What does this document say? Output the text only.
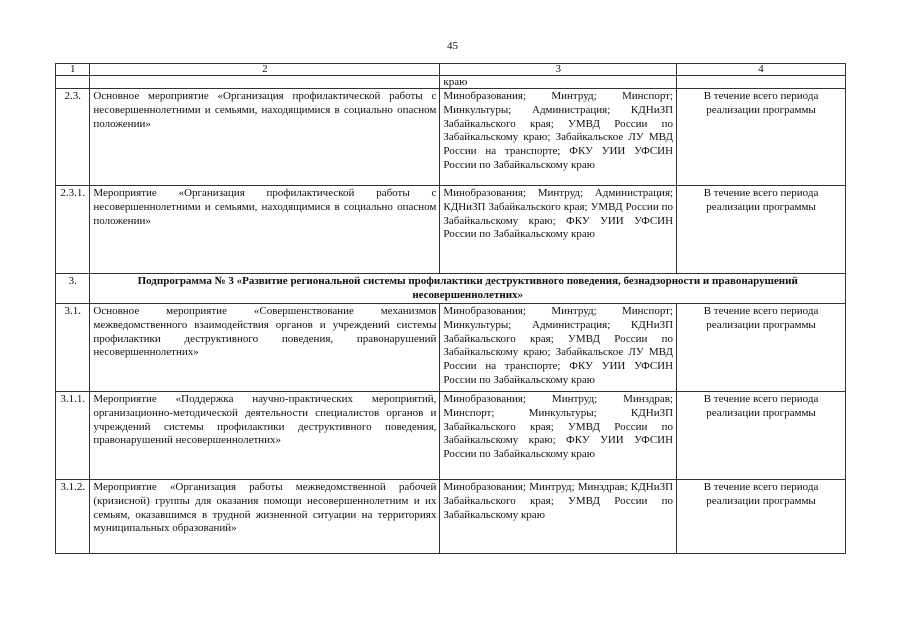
45
1	2	3	4
		краю	
2.3.	Основное мероприятие «Организация профилактической работы с несовершеннолетними и семьями, находящимися в социально опасном положении»	Минобразования; Минтруд; Минспорт; Минкультуры; Администрация; КДНиЗП Забайкальского края; УМВД России по Забайкальскому краю; Забайкальское ЛУ МВД России на транспорте; ФКУ УИИ УФСИН России по Забайкальскому краю	В течение всего периода реализации программы
2.3.1.	Мероприятие «Организация профилактической работы с несовершеннолетними и семьями, находящимися в социально опасном положении»	Минобразования; Минтруд; Администрация; КДНиЗП Забайкальского края; УМВД России по Забайкальскому краю; ФКУ УИИ УФСИН России по Забайкальскому краю	В течение всего периода реализации программы
3.	Подпрограмма № 3 «Развитие региональной системы профилактики деструктивного поведения, безнадзорности и правонарушений несовершеннолетних»		
3.1.	Основное мероприятие «Совершенствование механизмов межведомственного взаимодействия органов и учреждений системы профилактики деструктивного поведения, правонарушений несовершеннолетних»	Минобразования; Минтруд; Минспорт; Минкультуры; Администрация; КДНиЗП Забайкальского края; УМВД России по Забайкальскому краю; Забайкальское ЛУ МВД России на транспорте; ФКУ УИИ УФСИН России по Забайкальскому краю	В течение всего периода реализации программы
3.1.1.	Мероприятие «Поддержка научно-практических мероприятий, организационно-методической деятельности специалистов органов и учреждений системы профилактики деструктивного поведения, правонарушений несовершеннолетних»	Минобразования; Минтруд; Минздрав; Минспорт; Минкультуры; КДНиЗП Забайкальского края; УМВД России по Забайкальскому краю; ФКУ УИИ УФСИН России по Забайкальскому краю	В течение всего периода реализации программы
3.1.2.	Мероприятие «Организация работы межведомственной рабочей (кризисной) группы для оказания помощи несовершеннолетним и их семьям, оказавшимся в трудной жизненной ситуации на территориях муниципальных образований»	Минобразования; Минтруд; Минздрав; КДНиЗП Забайкальского края; УМВД России по Забайкальскому краю	В течение всего периода реализации программы
